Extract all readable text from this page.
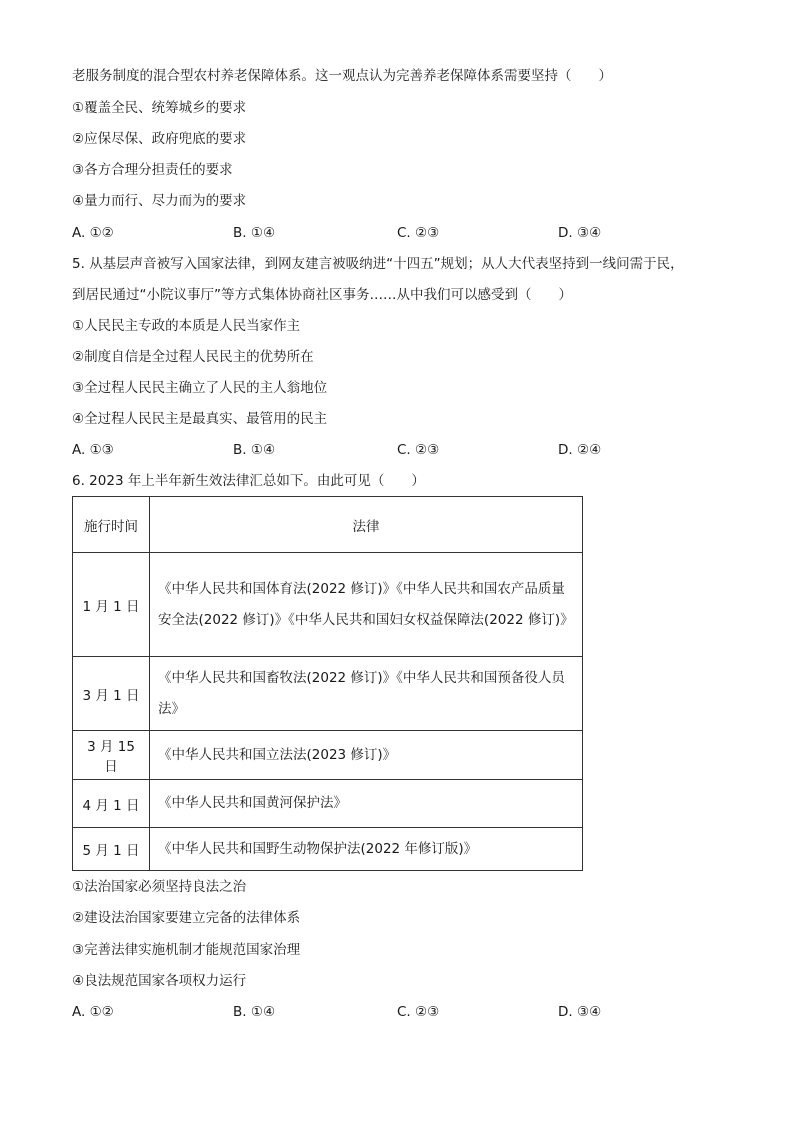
老服务制度的混合型农村养老保障体系。这一观点认为完善养老保障体系需要坚持（　　）
①覆盖全民、统筹城乡的要求
②应保尽保、政府兜底的要求
③各方合理分担责任的要求
④量力而行、尽力而为的要求
A. ①②	B. ①④	C. ②③	D. ③④
5. 从基层声音被写入国家法律，到网友建言被吸纳进“十四五”规划；从人大代表坚持到一线问需于民，
到居民通过“小院议事厅”等方式集体协商社区事务……从中我们可以感受到（　　）
①人民民主专政的本质是人民当家作主
②制度自信是全过程人民民主的优势所在
③全过程人民民主确立了人民的主人翁地位
④全过程人民民主是最真实、最管用的民主
A. ①③	B. ①④	C. ②③	D. ②④
6. 2023 年上半年新生效法律汇总如下。由此可见（　　）
施行时间	法律
1 月 1 日	《中华人民共和国体育法(2022 修订)》《中华人民共和国农产品质量安全法(2022 修订)》《中华人民共和国妇女权益保障法(2022 修订)》
3 月 1 日	《中华人民共和国畜牧法(2022 修订)》《中华人民共和国预备役人员法》
3 月 15 日	《中华人民共和国立法法(2023 修订)》
4 月 1 日	《中华人民共和国黄河保护法》
5 月 1 日	《中华人民共和国野生动物保护法(2022 年修订版)》
①法治国家必须坚持良法之治
②建设法治国家要建立完备的法律体系
③完善法律实施机制才能规范国家治理
④良法规范国家各项权力运行
A. ①②	B. ①④	C. ②③	D. ③④
